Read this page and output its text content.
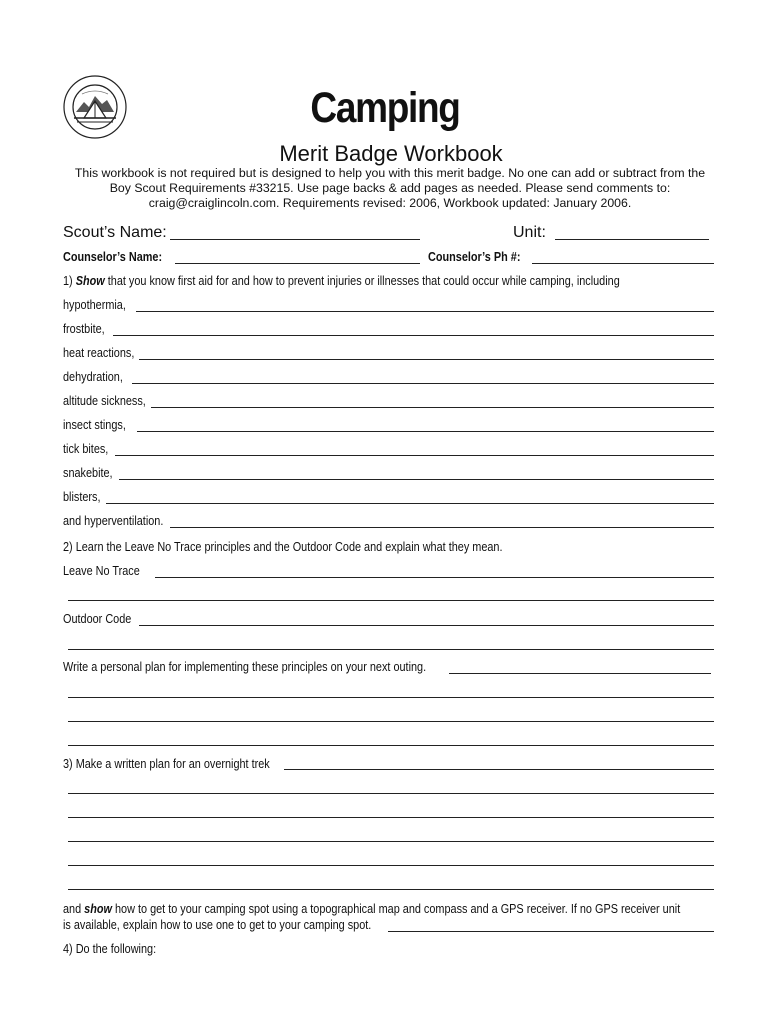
Camping
Merit Badge Workbook
This workbook is not required but is designed to help you with this merit badge. No one can add or subtract from the
Boy Scout Requirements #33215. Use page backs & add pages as needed. Please send comments to:
craig@craiglincoln.com. Requirements revised: 2006, Workbook updated: January 2006.
Scout’s Name:	Unit:
Counselor’s Name:	Counselor’s Ph #:
1) Show that you know first aid for and how to prevent injuries or illnesses that could occur while camping, including
hypothermia,
frostbite,
heat reactions,
dehydration,
altitude sickness,
insect stings,
tick bites,
snakebite,
blisters,
and hyperventilation.
2) Learn the Leave No Trace principles and the Outdoor Code and explain what they mean.
Leave No Trace
Outdoor Code
Write a personal plan for implementing these principles on your next outing.
3) Make a written plan for an overnight trek
and show how to get to your camping spot using a topographical map and compass and a GPS receiver. If no GPS receiver unit
is available, explain how to use one to get to your camping spot.
4) Do the following:
